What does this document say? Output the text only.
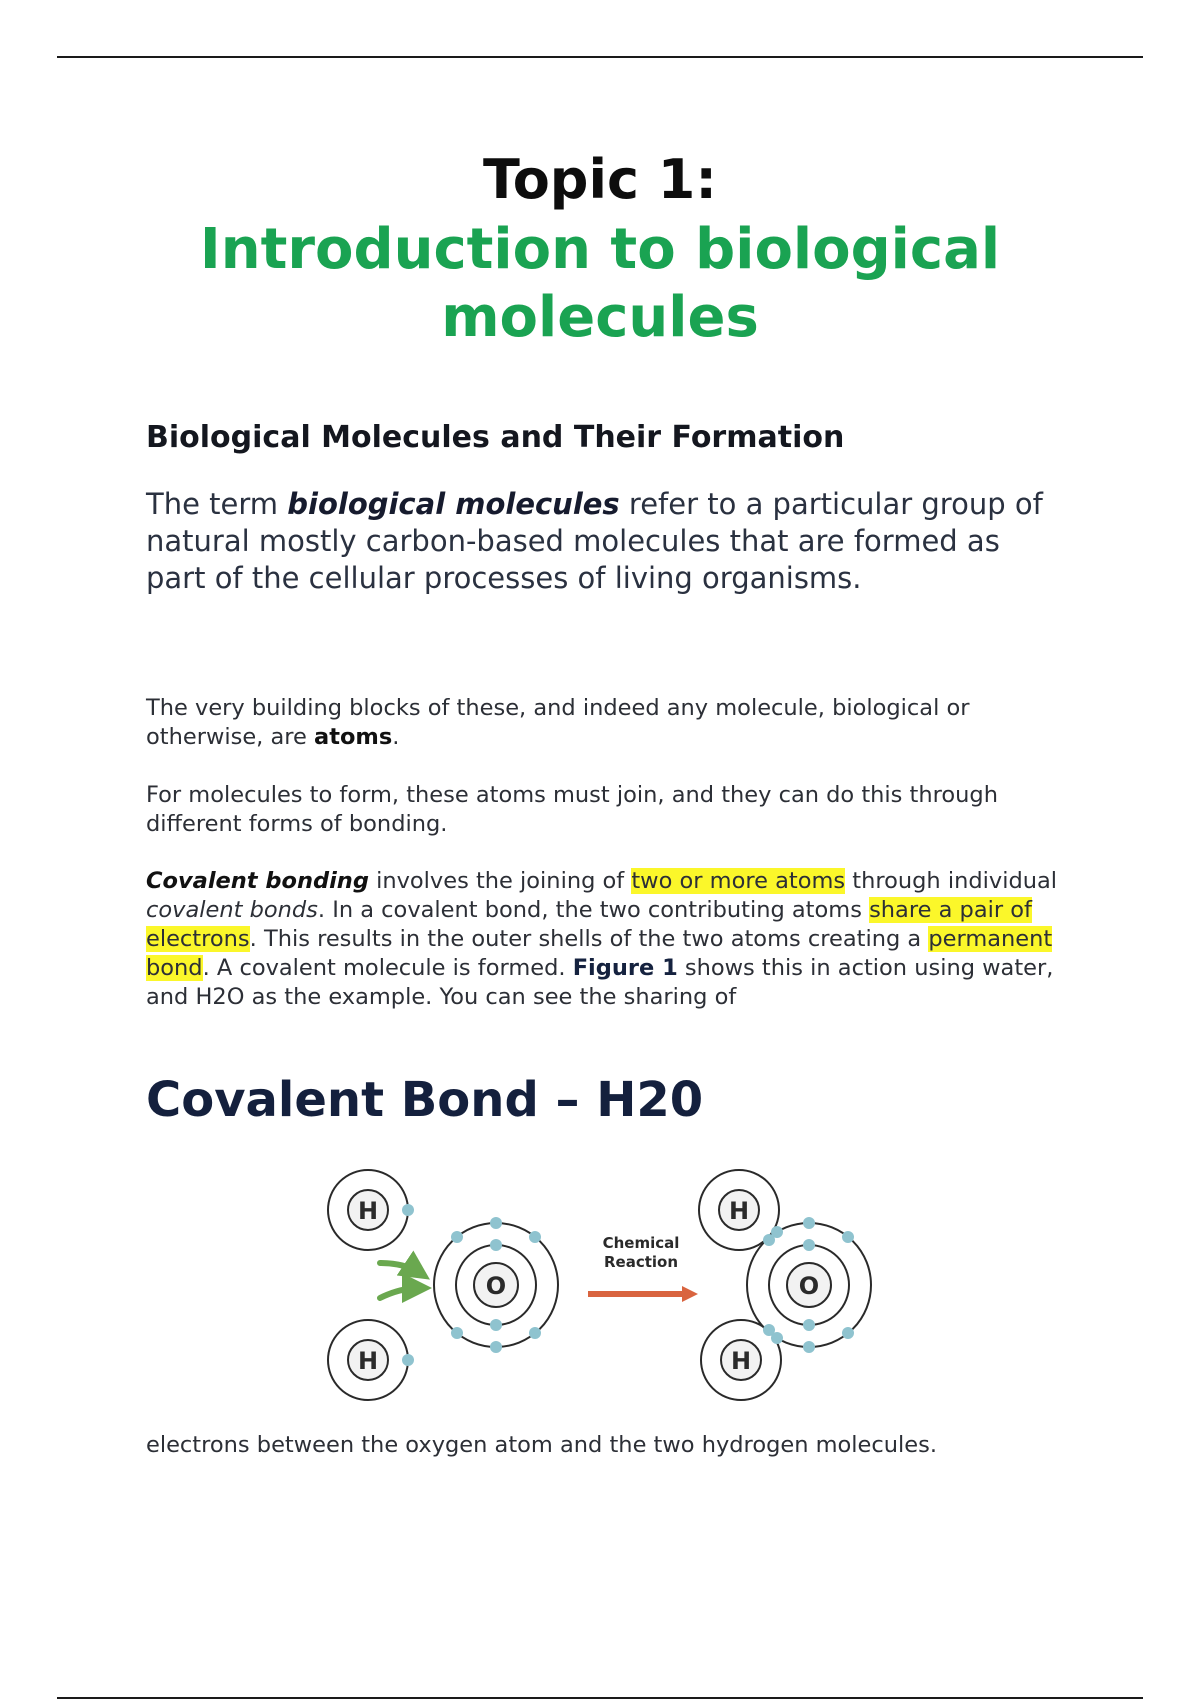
Topic 1:
Introduction to biological
molecules
Biological Molecules and Their Formation
The term biological molecules refer to a particular group of natural mostly carbon-based molecules that are formed as part of the cellular processes of living organisms.
The very building blocks of these, and indeed any molecule, biological or otherwise, are atoms.
For molecules to form, these atoms must join, and they can do this through different forms of bonding.
Covalent bonding involves the joining of two or more atoms through individual covalent bonds. In a covalent bond, the two contributing atoms share a pair of electrons. This results in the outer shells of the two atoms creating a permanent bond. A covalent molecule is formed. Figure 1 shows this in action using water, and H2O as the example. You can see the sharing of
Covalent Bond – H20
H
H
O
Chemical
Reaction
H
H
O
electrons between the oxygen atom and the two hydrogen molecules.
